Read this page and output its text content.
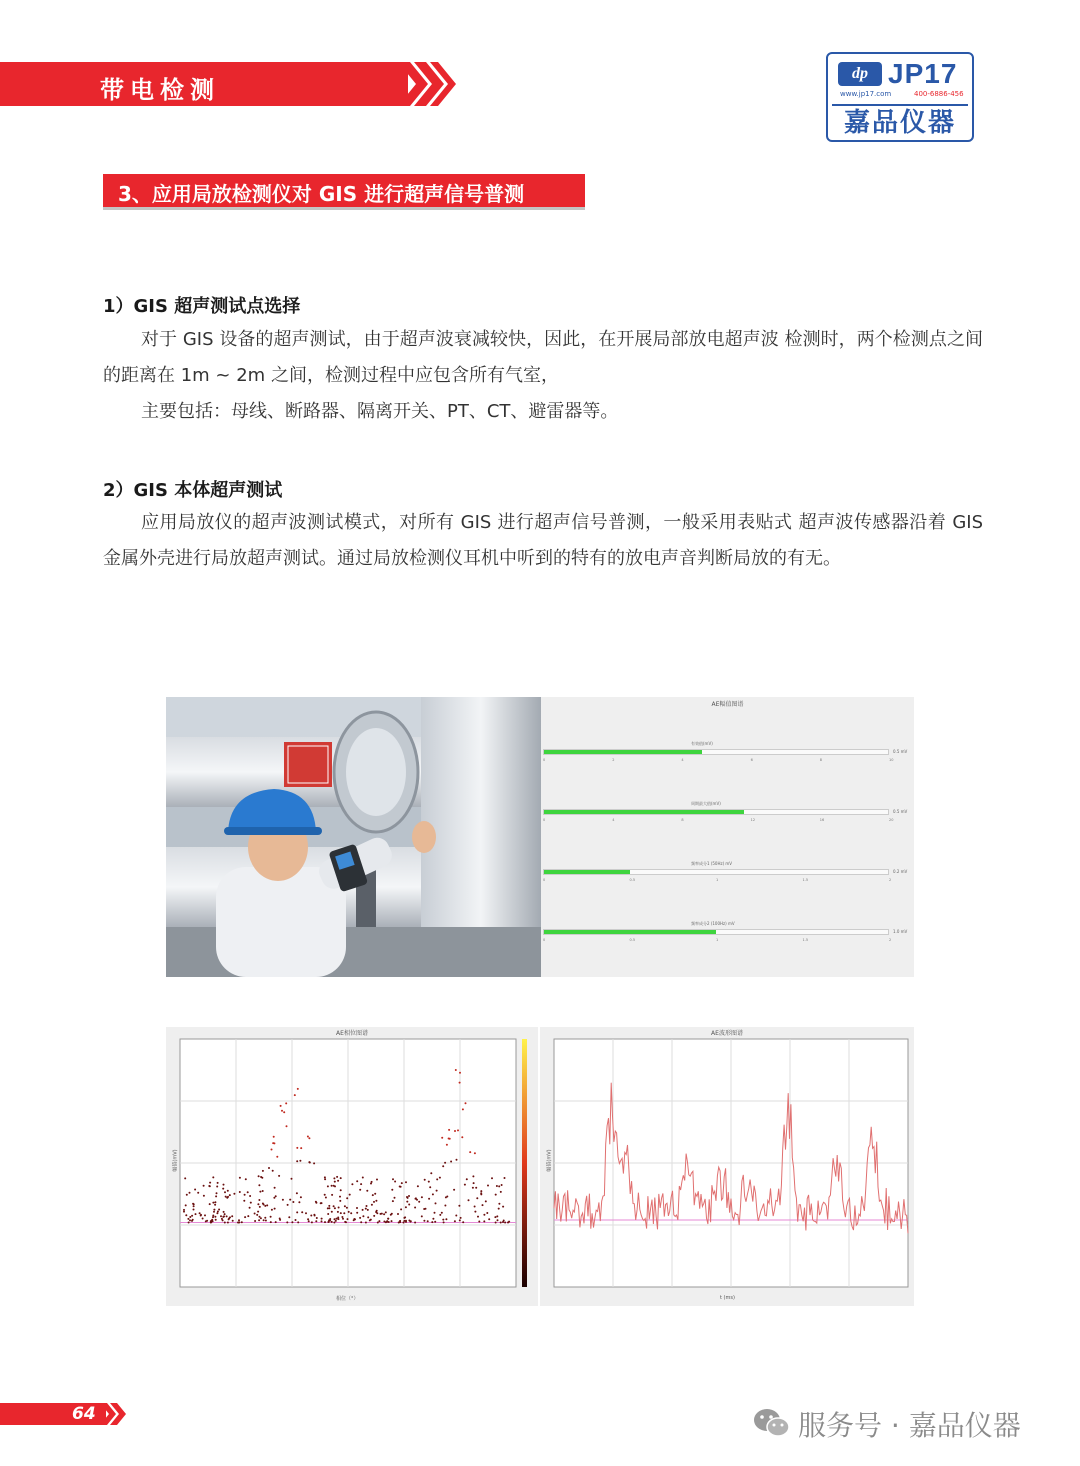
带电检测
dp JP17
www.jp17.com	400-6886-456
嘉品仪器
3、应用局放检测仪对 GIS 进行超声信号普测
1）GIS 超声测试点选择
对于 GIS 设备的超声测试，由于超声波衰减较快，因此，在开展局部放电超声波 检测时，两个检测点之间的距离在 1m ~ 2m 之间，检测过程中应包含所有气室，
主要包括：母线、断路器、隔离开关、PT、CT、避雷器等。
2）GIS 本体超声测试
应用局放仪的超声波测试模式，对所有 GIS 进行超声信号普测，一般采用表贴式 超声波传感器沿着 GIS 金属外壳进行局放超声测试。通过局放检测仪耳机中听到的特有的放电声音判断局放的有无。
AE幅值图谱
有效值(mV)
0.5 mV
0	2	4	6	8	10
周期最大值(mV)
0.5 mV
0	4	8	12	16	20
频率成分1 (50Hz) mV
0.2 mV
0	0.5	1	1.5	2
频率成分2 (100Hz) mV
1.0 mV
0	0.5	1	1.5	2
AE相位图谱
相位（°）
幅值(mV)
AE波形图谱
t (ms)
幅值(mV)
64	服务号 · 嘉品仪器
